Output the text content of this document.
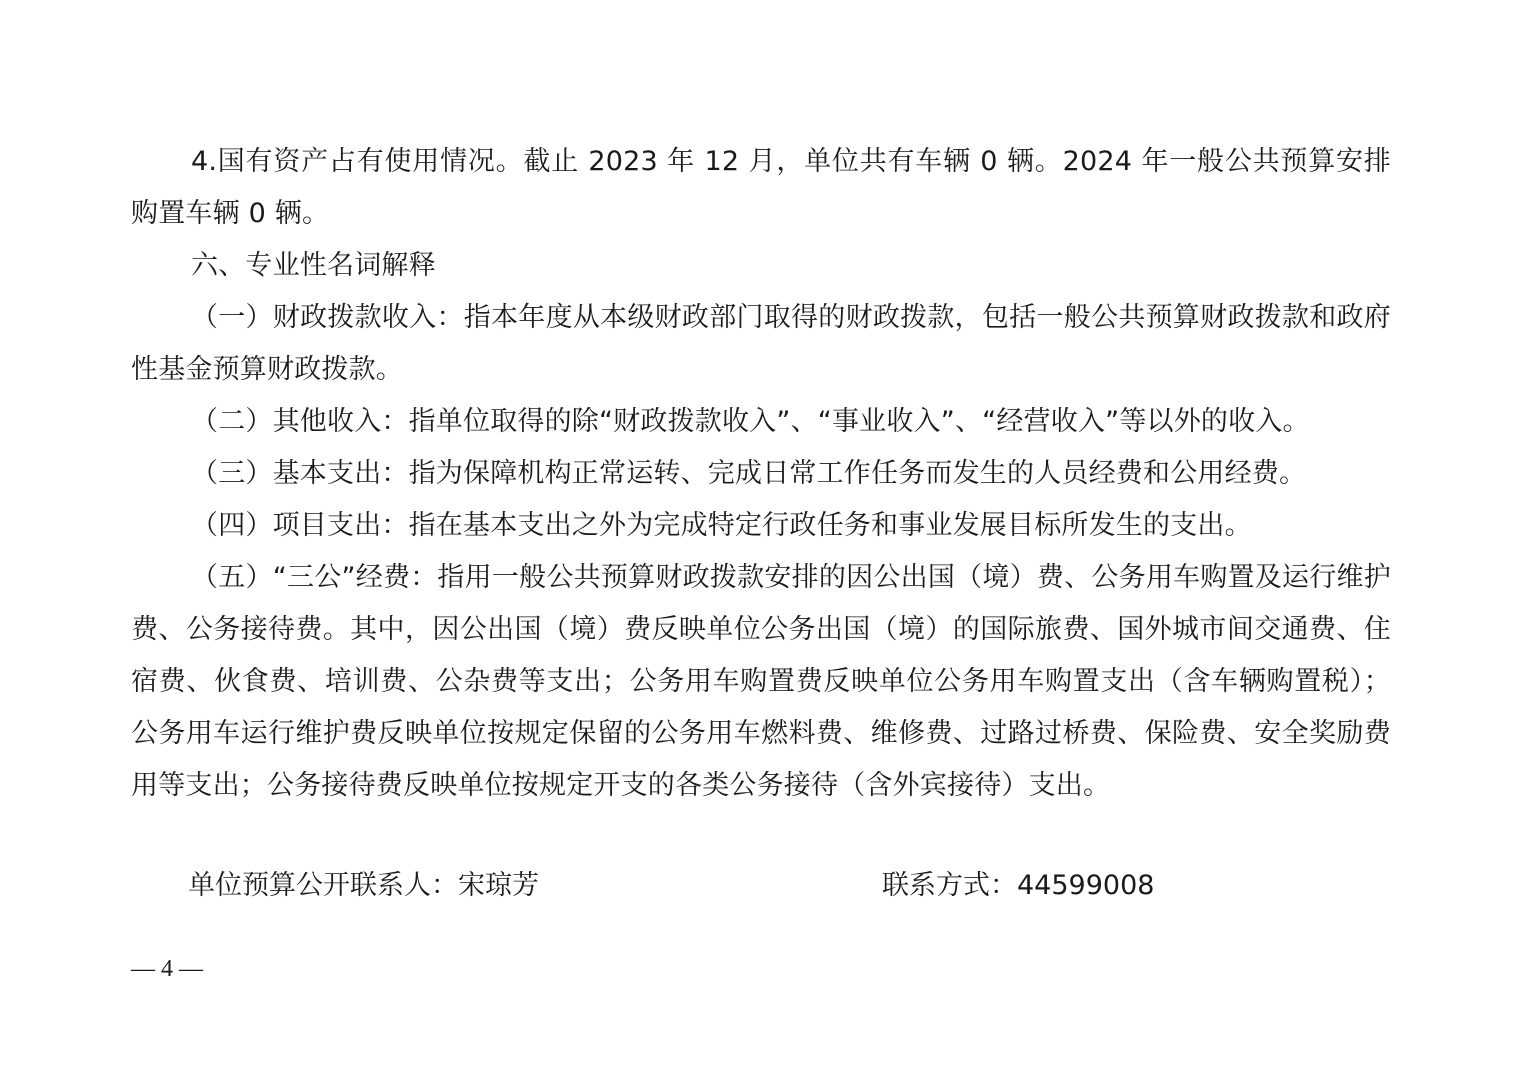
4.国有资产占有使用情况。截止 2023 年 12 月，单位共有车辆 0 辆。2024 年一般公共预算安排购置车辆 0 辆。

六、专业性名词解释

（一）财政拨款收入：指本年度从本级财政部门取得的财政拨款，包括一般公共预算财政拨款和政府性基金预算财政拨款。

（二）其他收入：指单位取得的除“财政拨款收入”、“事业收入”、“经营收入”等以外的收入。

（三）基本支出：指为保障机构正常运转、完成日常工作任务而发生的人员经费和公用经费。

（四）项目支出：指在基本支出之外为完成特定行政任务和事业发展目标所发生的支出。

（五）“三公”经费：指用一般公共预算财政拨款安排的因公出国（境）费、公务用车购置及运行维护费、公务接待费。其中，因公出国（境）费反映单位公务出国（境）的国际旅费、国外城市间交通费、住宿费、伙食费、培训费、公杂费等支出；公务用车购置费反映单位公务用车购置支出（含车辆购置税）；公务用车运行维护费反映单位按规定保留的公务用车燃料费、维修费、过路过桥费、保险费、安全奖励费用等支出；公务接待费反映单位按规定开支的各类公务接待（含外宾接待）支出。

单位预算公开联系人：宋琼芳	联系方式：44599008
— 4 —
